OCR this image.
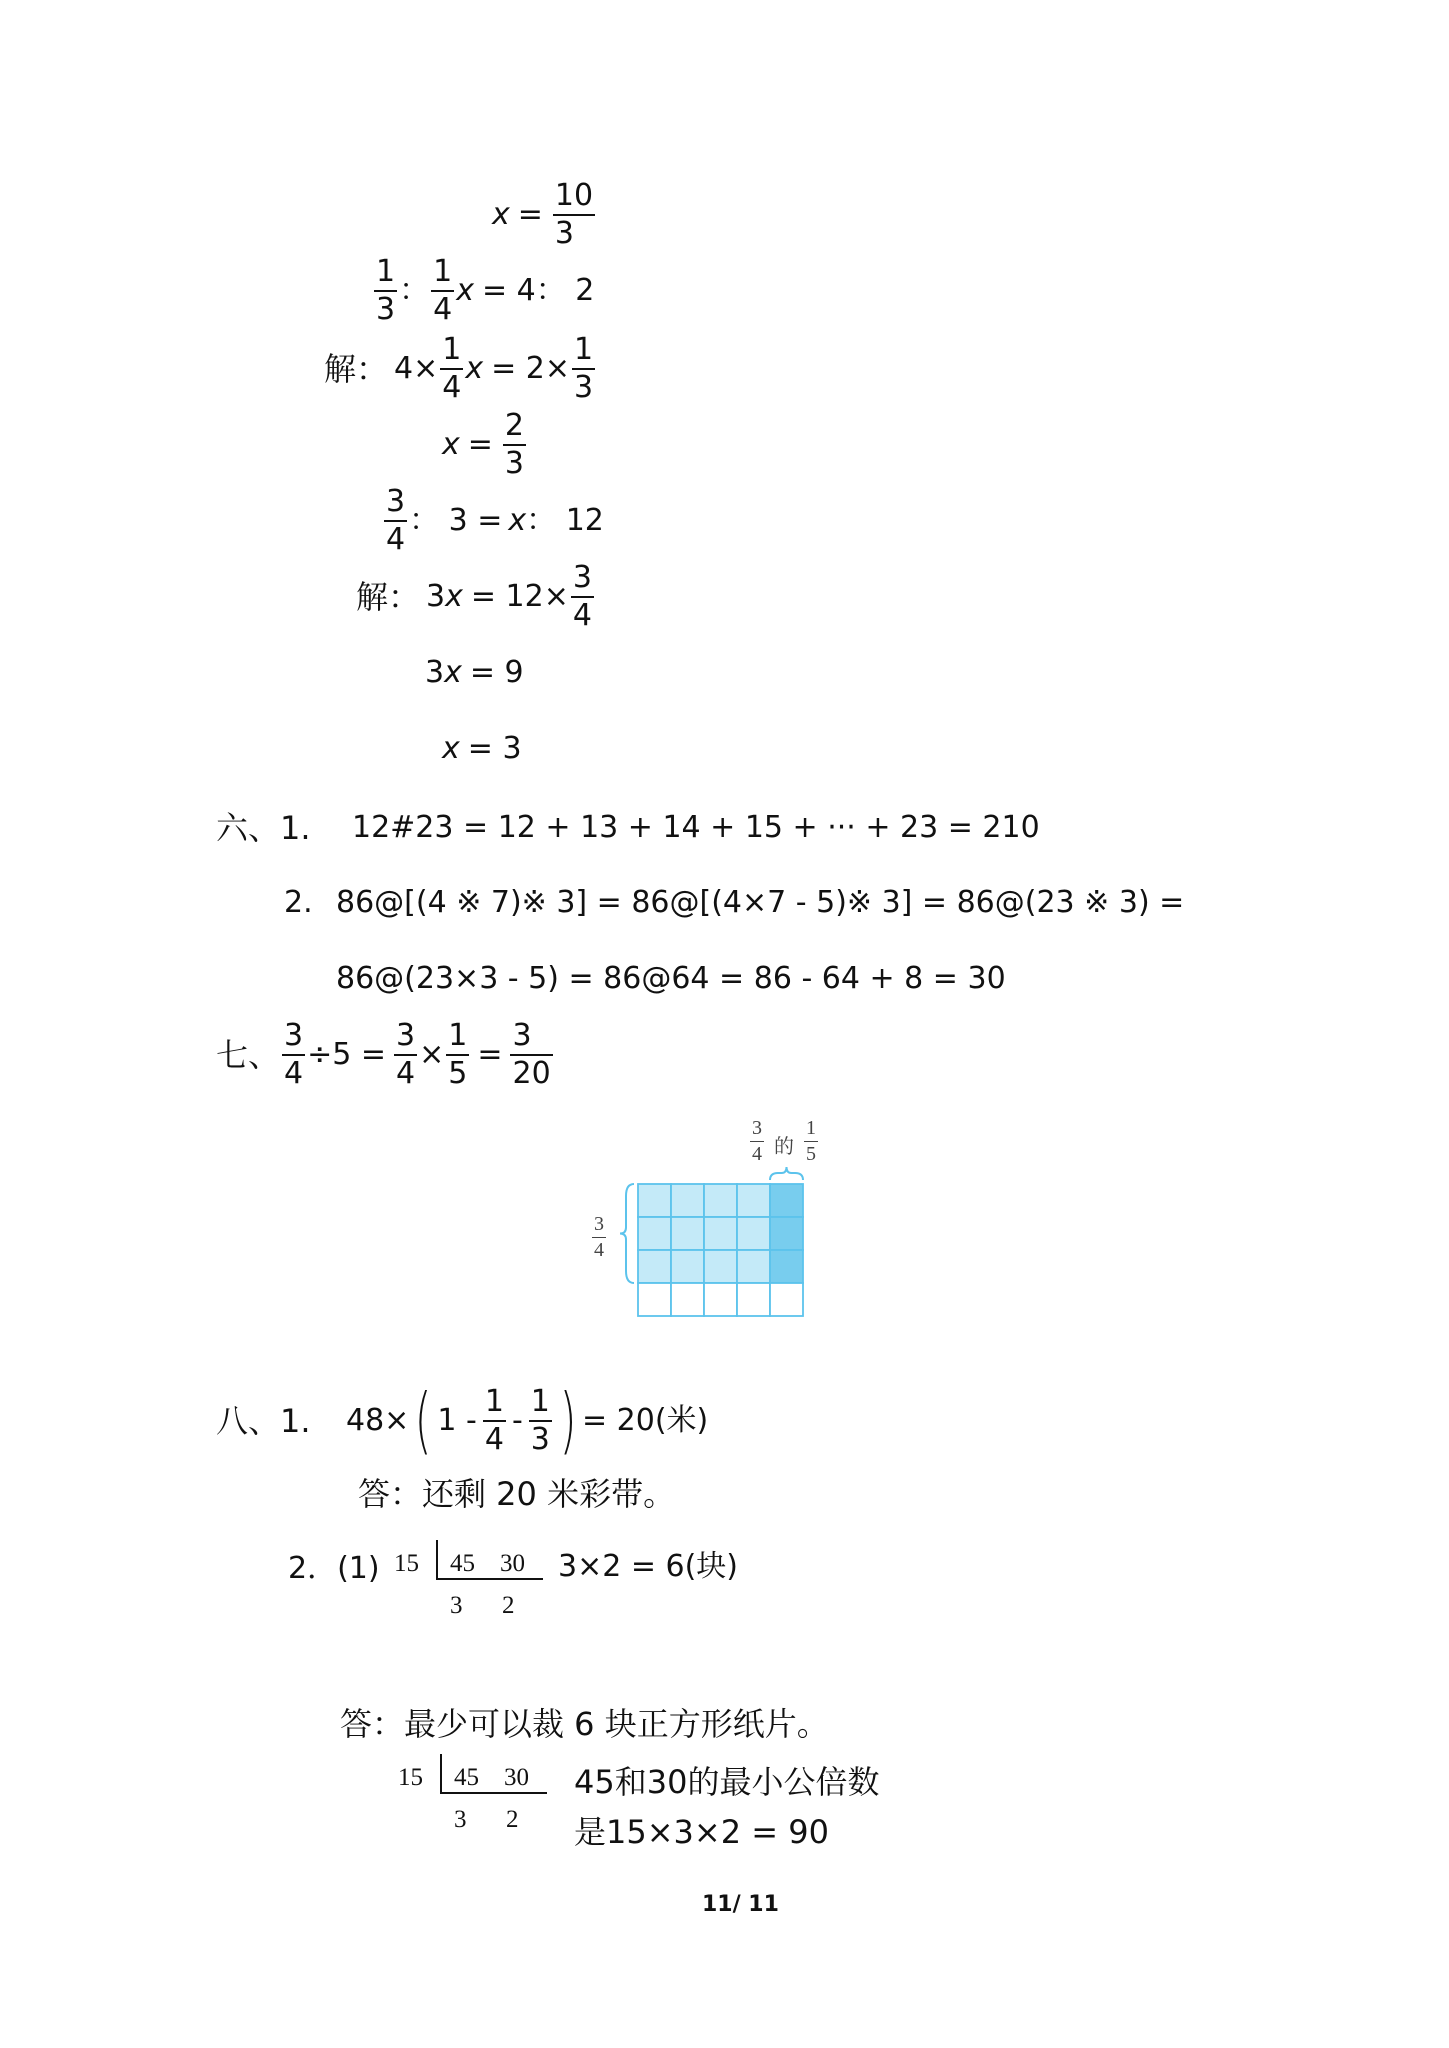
$x = \frac{10}{3}$
$\frac{1}{3}$ ： $\frac{1}{4}$ x = 4： 2
解： $4\times \frac{1}{4}$ $x = 2\times \frac{1}{3}$
$x = \frac{2}{3}$
$\frac{3}{4}$ ： 3 = x ： 12
解： 3 $x = 12\times \frac{3}{4}$
3 x = 9
x = 3
六、1.	12#23 = 12 + 13 + 14 + 15 + ··· + 23 = 210
2. 86@[(4 ※ 7)※ 3] = 86@[(4×7 - 5)※ 3] = 86@(23 ※ 3) =
86@(23×3 - 5) = 86@64 = 86 - 64 + 8 = 30
七、 $\frac{3}{4} \div 5 = \frac{3}{4} \times \frac{1}{5} = \frac{3}{20}$
3
4 的
1
5
3
4
八、1.	48× ( $1 - \frac{1}{4} - \frac{1}{3}$ ) = 20(米)
答：还剩 20 米彩带。
2．(1) 15 45 30
3 2
3×2 = 6(块)
答：最少可以裁 6 块正方形纸片。
15 45 30
3 2
45和30的最小公倍数
是15×3×2 = 90
11/ 11
